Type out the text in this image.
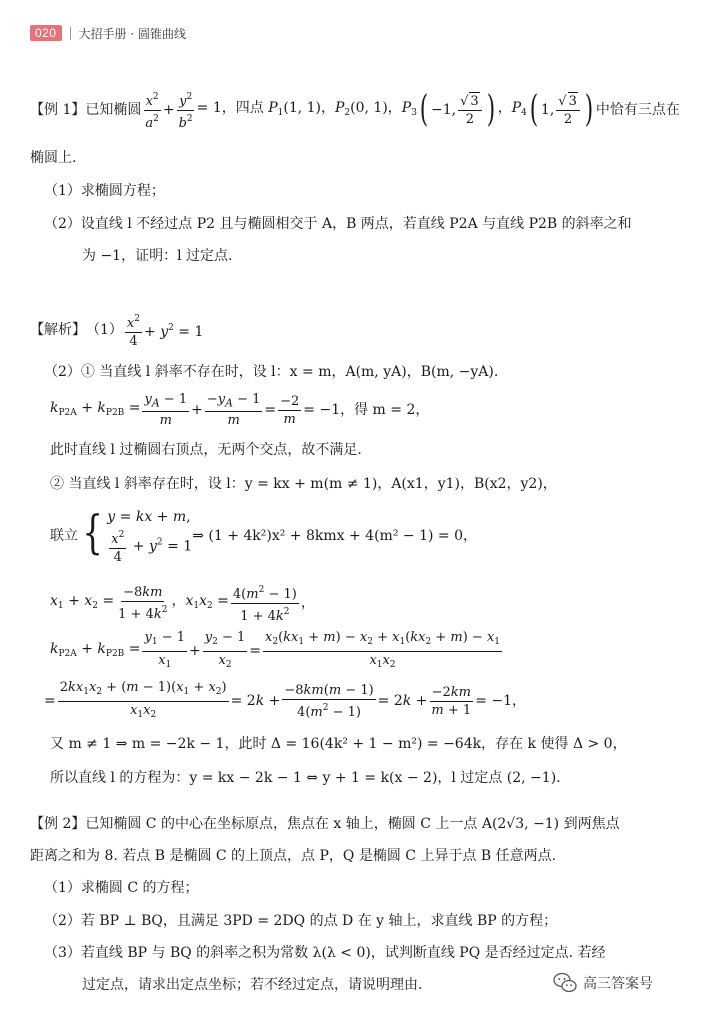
020	大招手册 · 圆锥曲线
【例 1】 已知椭圆 $\frac{x^2}{a^2} + \frac{y^2}{b^2} = 1$，四点 $P_1(1$, 1)，$P_2(0$, 1)，$P_3$ ( −1, $\frac{√ 3}{2}$ ) ，$P_4$ ( 1, $\frac{√ 3}{2}$ ) 中恰有三点在
椭圆上.
（1）求椭圆方程；
（2）设直线 l 不经过点 P2 且与椭圆相交于 A，B 两点，若直线 P2A 与直线 P2B 的斜率之和
为 −1，证明：l 过定点.
【解析】 $(1) \frac{x^2}{4} + y^2 = 1$
（2）① 当直线 l 斜率不存在时，设 l：x = m，A(m, yA)，B(m, −yA).
$k_{P2A} + k_{P2B} = \frac{y_A - 1}{m} + \frac{-y_A - 1}{m} = \frac{-2}{m} = -1$，得 m = 2，
此时直线 l 过椭圆右顶点，无两个交点，故不满足.
② 当直线 l 斜率存在时，设 l：y = kx + m(m ≠ 1)，A(x1，y1)，B(x2，y2)，
联立 { y = kx + m,
$\frac{x^2}{4} + y^2 = 1$
⇒ (1 + 4k²)x² + 8kmx + 4(m² − 1) = 0，
$x_1 + x_2 = \frac{-8km}{1 + 4k^2}$ ，$x_1x_2 = \frac{4(m^2 - 1)}{1 + 4k^2}$ ，
$k_{P2A} + k_{P2B} = \frac{y_1 - 1}{x_1} + \frac{y_2 - 1}{x_2} = \frac{x_2(kx_1 + m) - x_2 + x_1(kx_2 + m) - x_1}{x_1x_2}$
= $\frac{2kx_1x_2 + (m - 1)(x_1 + x_2)}{x_1x_2} = 2k + \frac{-8km(m - 1)}{4(m^2 - 1)} = 2k + \frac{-2km}{m + 1} = -1$，
又 m ≠ 1 ⇒ m = −2k − 1，此时 Δ = 16(4k² + 1 − m²) = −64k，存在 k 使得 Δ > 0，
所以直线 l 的方程为：y = kx − 2k − 1 ⇔ y + 1 = k(x − 2)，l 过定点 (2, −1).
【例 2】 已知椭圆 C 的中心在坐标原点，焦点在 x 轴上，椭圆 C 上一点 A(2√3, −1) 到两焦点
距离之和为 8. 若点 B 是椭圆 C 的上顶点，点 P，Q 是椭圆 C 上异于点 B 任意两点.
（1）求椭圆 C 的方程；
（2）若 BP ⊥ BQ，且满足 3PD = 2DQ 的点 D 在 y 轴上，求直线 BP 的方程；
（3）若直线 BP 与 BQ 的斜率之积为常数 λ(λ < 0)，试判断直线 PQ 是否经过定点. 若经
过定点，请求出定点坐标；若不经过定点，请说明理由.	高三答案号
